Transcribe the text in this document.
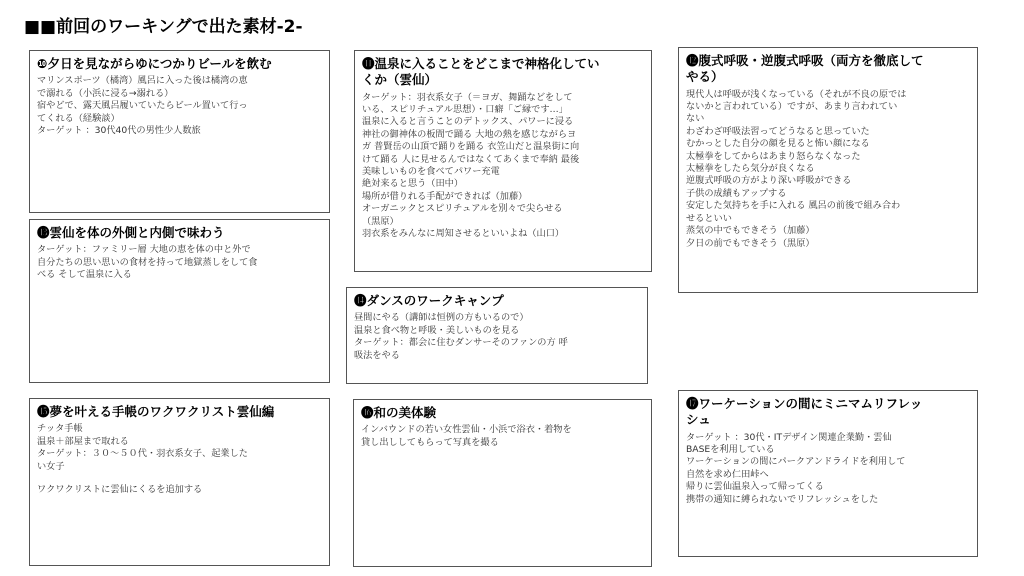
■■前回のワーキングで出た素材-2-
❿夕日を見ながらゆにつかりビールを飲む
マリンスポーツ（橘湾）風呂に入った後は橘湾の恵
で溺れる（小浜に浸る→溺れる）
宿やどで、露天風呂履いていたらビール置いて行っ
てくれる（経験談）
ターゲット ：30代40代の男性少人数旅
⓫温泉に入ることをどこまで神格化してい
くか（雲仙）
ターゲット：羽衣系女子（＝ヨガ、舞踊などをして
いる、スピリチュアル思想）・口癖「ご縁です…」
温泉に入ると言うことのデトックス、パワーに浸る
神社の御神体の板間で踊る 大地の熱を感じながらヨ
ガ 普賢岳の山頂で踊りを踊る 衣笠山だと温泉街に向
けて踊る 人に見せるんではなくてあくまで奉納 最後
美味しいものを食べてパワー充電
絶対来ると思う（田中）
場所が借りれる手配ができれば（加藤）
オーガニックとスピリチュアルを別々で尖らせる
（黒原）
羽衣系をみんなに周知させるといいよね（山口）
⓬腹式呼吸・逆腹式呼吸（両方を徹底して
やる）
現代人は呼吸が浅くなっている（それが不良の原では
ないかと言われている）ですが、あまり言われてい
ない
わざわざ呼吸法習ってどうなると思っていた
むかっとした自分の顔を見ると怖い顔になる
太極拳をしてからはあまり怒らなくなった
太極拳をしたら気分が良くなる
逆腹式呼吸の方がより深い呼吸ができる
子供の成績もアップする
安定した気持ちを手に入れる 風呂の前後で組み合わ
せるといい
蒸気の中でもできそう（加藤）
夕日の前でもできそう（黒原）
⓭雲仙を体の外側と内側で味わう
ターゲット：ファミリー層 大地の恵を体の中と外で
自分たちの思い思いの食材を持って地獄蒸しをして食
べる そして温泉に入る
⓮ダンスのワークキャンプ
昼間にやる（講師は恒例の方もいるので）
温泉と食べ物と呼吸・美しいものを見る
ターゲット：都会に住むダンサーそのファンの方 呼
吸法をやる
⓯夢を叶える手帳のワクワクリスト雲仙編
チッタ手帳
温泉＋部屋まで取れる
ターゲット：３０～５０代・羽衣系女子、起業した
い女子
ワクワクリストに雲仙にくるを追加する
⓰和の美体験
インバウンドの若い女性雲仙・小浜で浴衣・着物を
貸し出ししてもらって写真を撮る
⓱ワーケーションの間にミニマムリフレッ
シュ
ターゲット ：30代・ITデザイン関連企業勤・雲仙
BASEを利用している
ワーケーションの間にパークアンドライドを利用して
自然を求め仁田峠へ
帰りに雲仙温泉入って帰ってくる
携帯の通知に縛られないでリフレッシュをした
